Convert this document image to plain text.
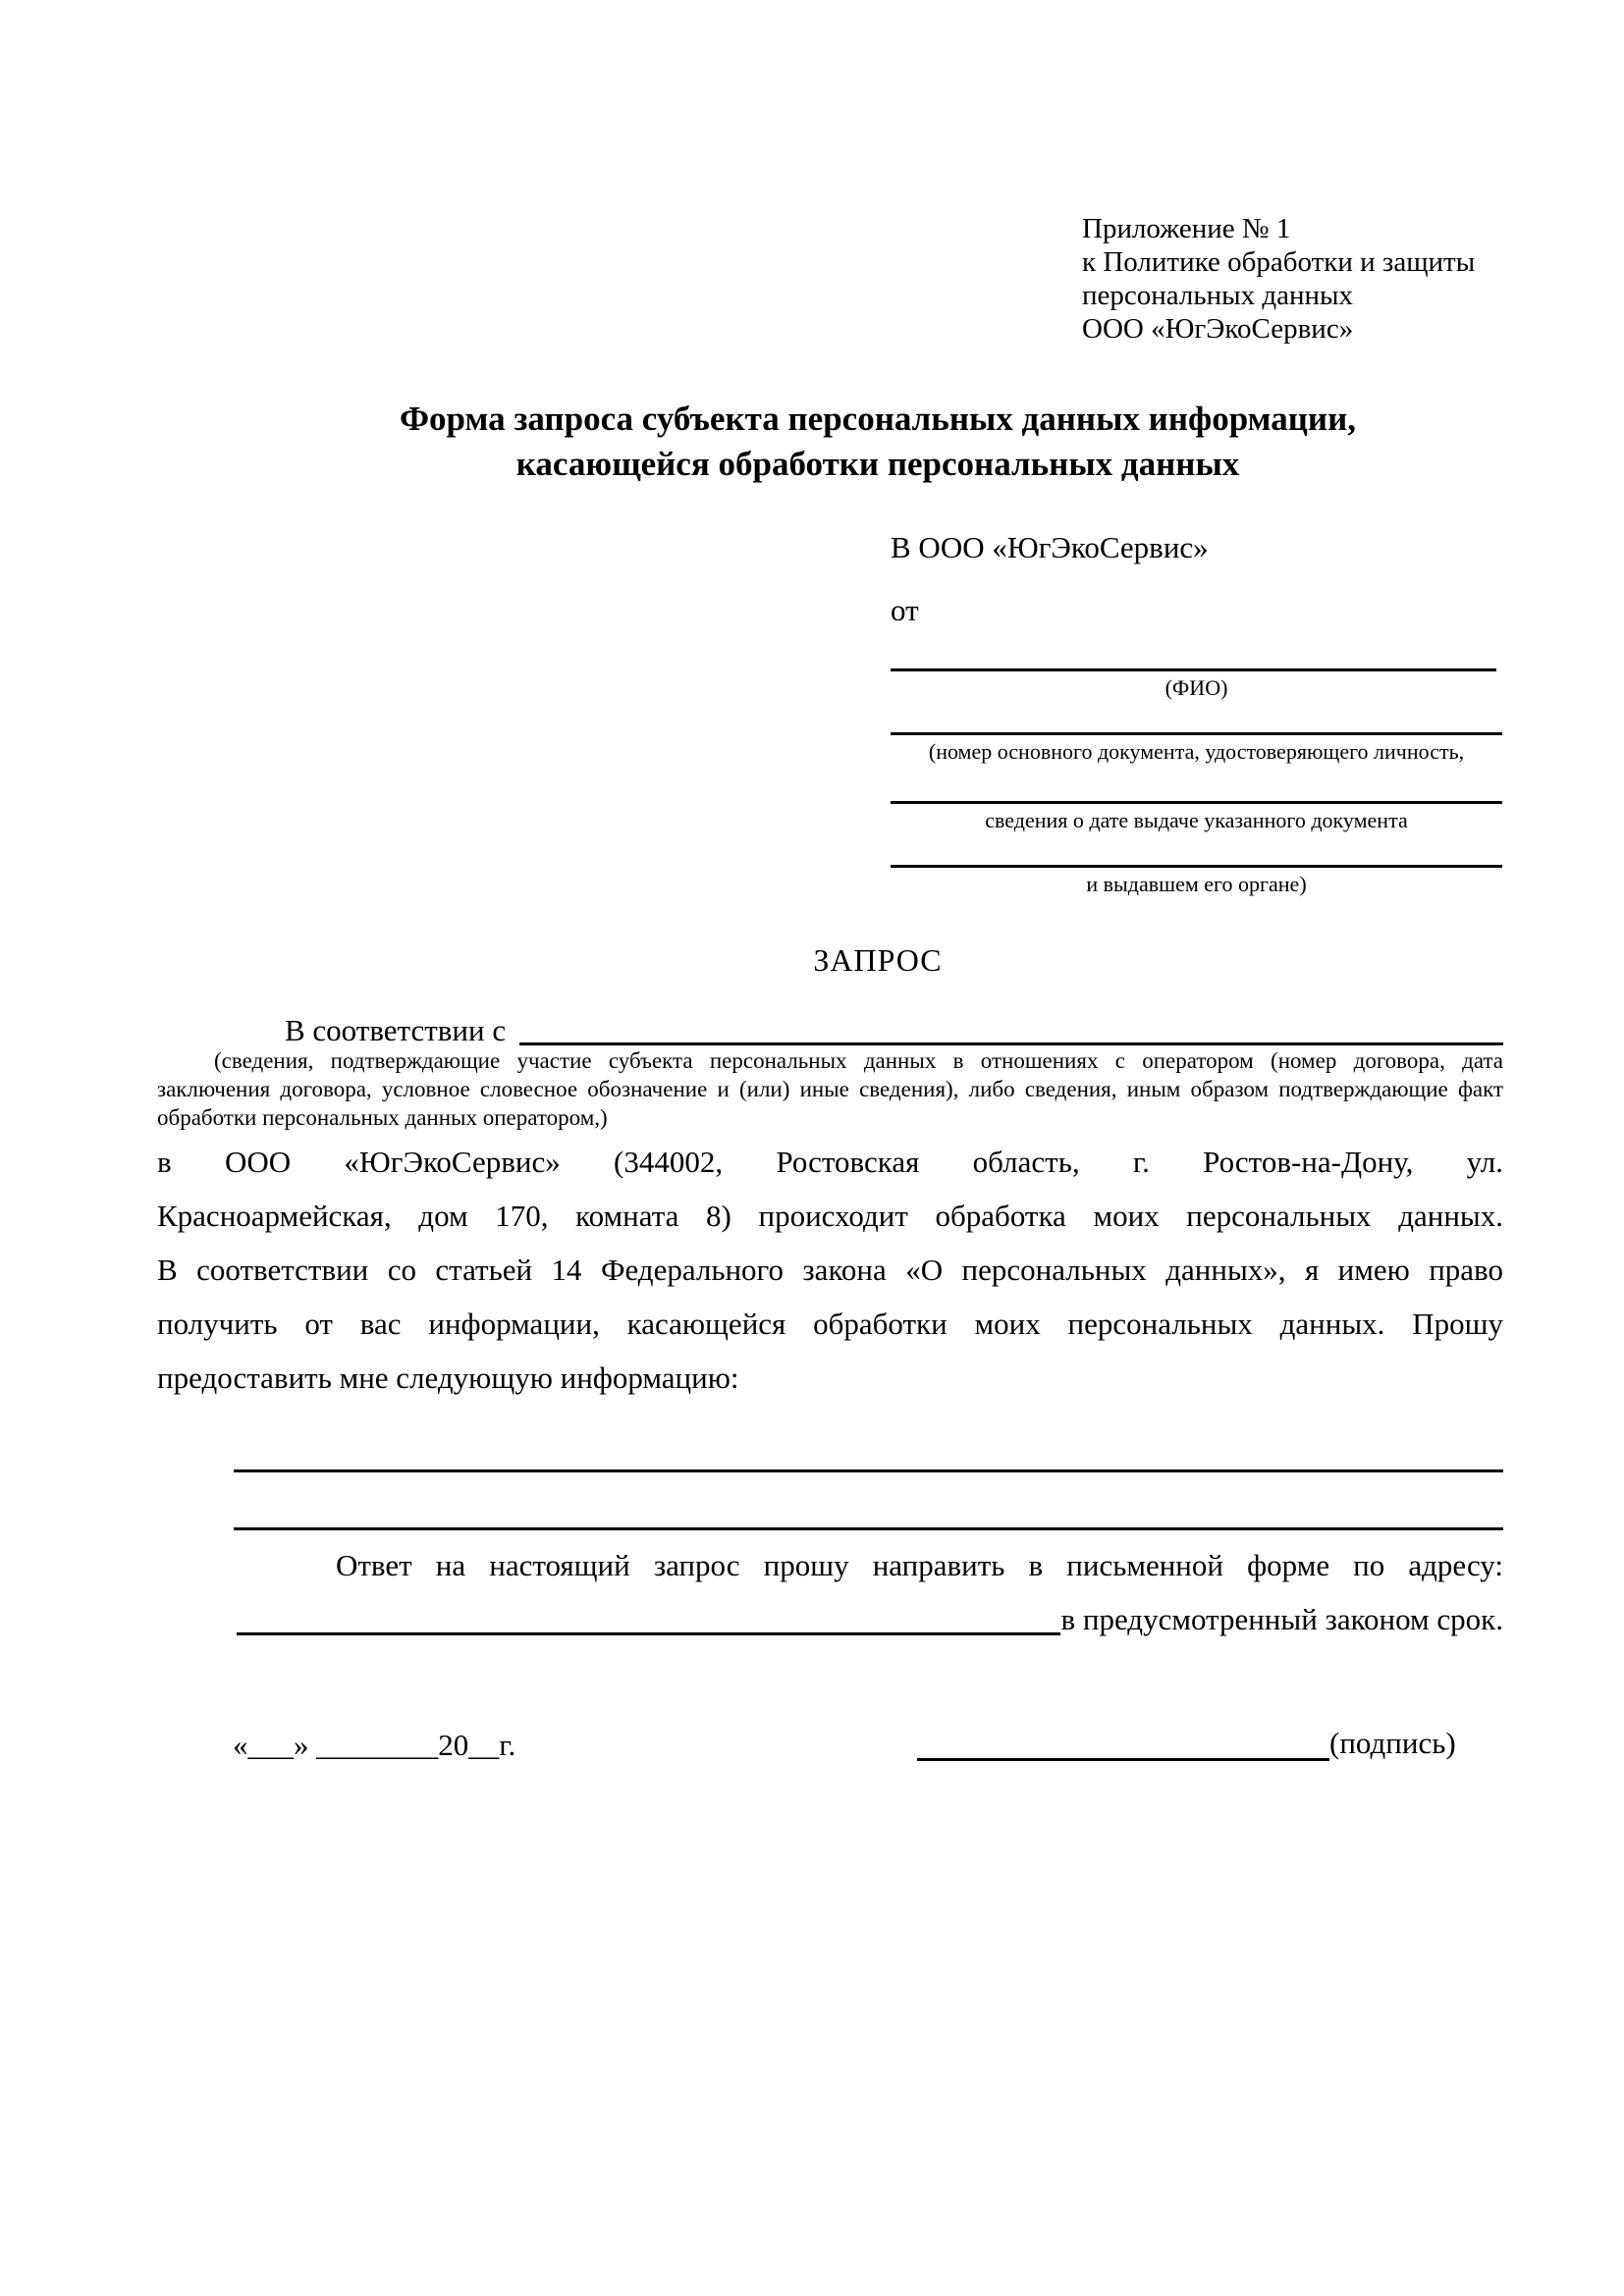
Приложение № 1
к Политике обработки и защиты
персональных данных
ООО «ЮгЭкоСервис»
Форма запроса субъекта персональных данных информации,
касающейся обработки персональных данных
В ООО «ЮгЭкоСервис»
от
(ФИО)
(номер основного документа, удостоверяющего личность,
сведения о дате выдаче указанного документа
и выдавшем его органе)
ЗАПРОС
В соответствии с
(сведения, подтверждающие участие субъекта персональных данных в отношениях с оператором (номер договора, дата
заключения договора, условное словесное обозначение и (или) иные сведения), либо сведения, иным образом подтверждающие факт
обработки персональных данных оператором,)
в ООО «ЮгЭкоСервис» (344002, Ростовская область, г. Ростов-на-Дону, ул.
Красноармейская, дом 170, комната 8) происходит обработка моих персональных данных.
В соответствии со статьей 14 Федерального закона «О персональных данных», я имею право
получить от вас информации, касающейся обработки моих персональных данных. Прошу
предоставить мне следующую информацию:
Ответ на настоящий запрос прошу направить в письменной форме по адресу:
в предусмотренный законом срок.
«___» ________20__г.	(подпись)
